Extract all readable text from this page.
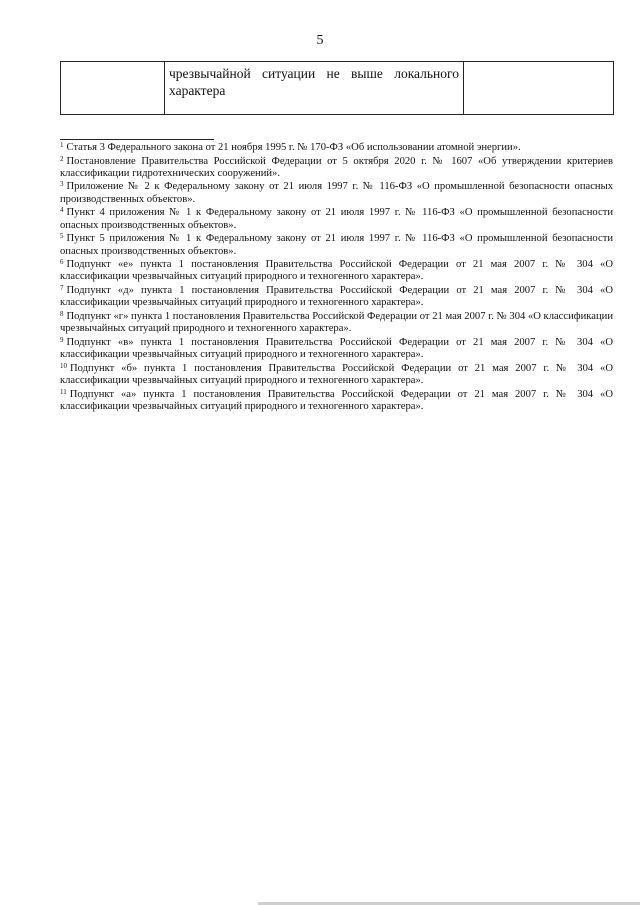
5

чрезвычайной ситуации не выше локального
характера	

$^1$ Статья 3 Федерального закона от 21 ноября 1995 г. № 170-ФЗ «Об использовании атомной энергии».

$^2$ Постановление Правительства Российской Федерации от 5 октября 2020 г. № 1607 «Об утверждении критериев классификации гидротехнических сооружений».

$^3$ Приложение № 2 к Федеральному закону от 21 июля 1997 г. № 116-ФЗ «О промышленной безопасности опасных производственных объектов».

$^4$ Пункт 4 приложения № 1 к Федеральному закону от 21 июля 1997 г. № 116-ФЗ «О промышленной безопасности опасных производственных объектов».

$^5$ Пункт 5 приложения № 1 к Федеральному закону от 21 июля 1997 г. № 116-ФЗ «О промышленной безопасности опасных производственных объектов».

$^6$ Подпункт «е» пункта 1 постановления Правительства Российской Федерации от 21 мая 2007 г. № 304 «О классификации чрезвычайных ситуаций природного и техногенного характера».

$^7$ Подпункт «д» пункта 1 постановления Правительства Российской Федерации от 21 мая 2007 г. № 304 «О классификации чрезвычайных ситуаций природного и техногенного характера».

$^8$ Подпункт «г» пункта 1 постановления Правительства Российской Федерации от 21 мая 2007 г. № 304 «О классификации чрезвычайных ситуаций природного и техногенного характера».

$^9$ Подпункт «в» пункта 1 постановления Правительства Российской Федерации от 21 мая 2007 г. № 304 «О классификации чрезвычайных ситуаций природного и техногенного характера».

$^{10}$ Подпункт «б» пункта 1 постановления Правительства Российской Федерации от 21 мая 2007 г. № 304 «О классификации чрезвычайных ситуаций природного и техногенного характера».

$^{11}$ Подпункт «а» пункта 1 постановления Правительства Российской Федерации от 21 мая 2007 г. № 304 «О классификации чрезвычайных ситуаций природного и техногенного характера».
